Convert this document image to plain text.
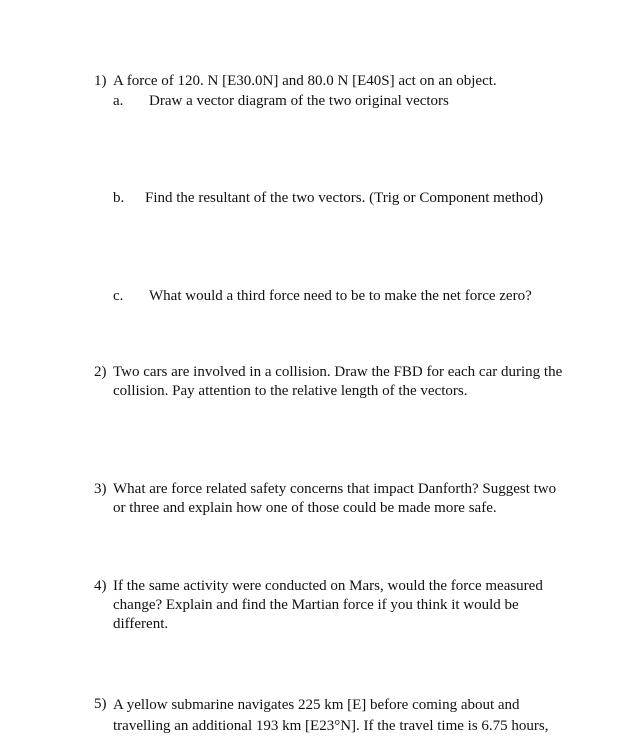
1) A force of 120. N [E30.0N] and 80.0 N [E40S] act on an object.
a. Draw a vector diagram of the two original vectors
b. Find the resultant of the two vectors. (Trig or Component method)
c. What would a third force need to be to make the net force zero?
2) Two cars are involved in a collision. Draw the FBD for each car during the
collision. Pay attention to the relative length of the vectors.
3) What are force related safety concerns that impact Danforth? Suggest two
or three and explain how one of those could be made more safe.
4) If the same activity were conducted on Mars, would the force measured
change? Explain and find the Martian force if you think it would be
different.
5) A yellow submarine navigates 225 km [E] before coming about and
travelling an additional 193 km [E23°N]. If the travel time is 6.75 hours,
